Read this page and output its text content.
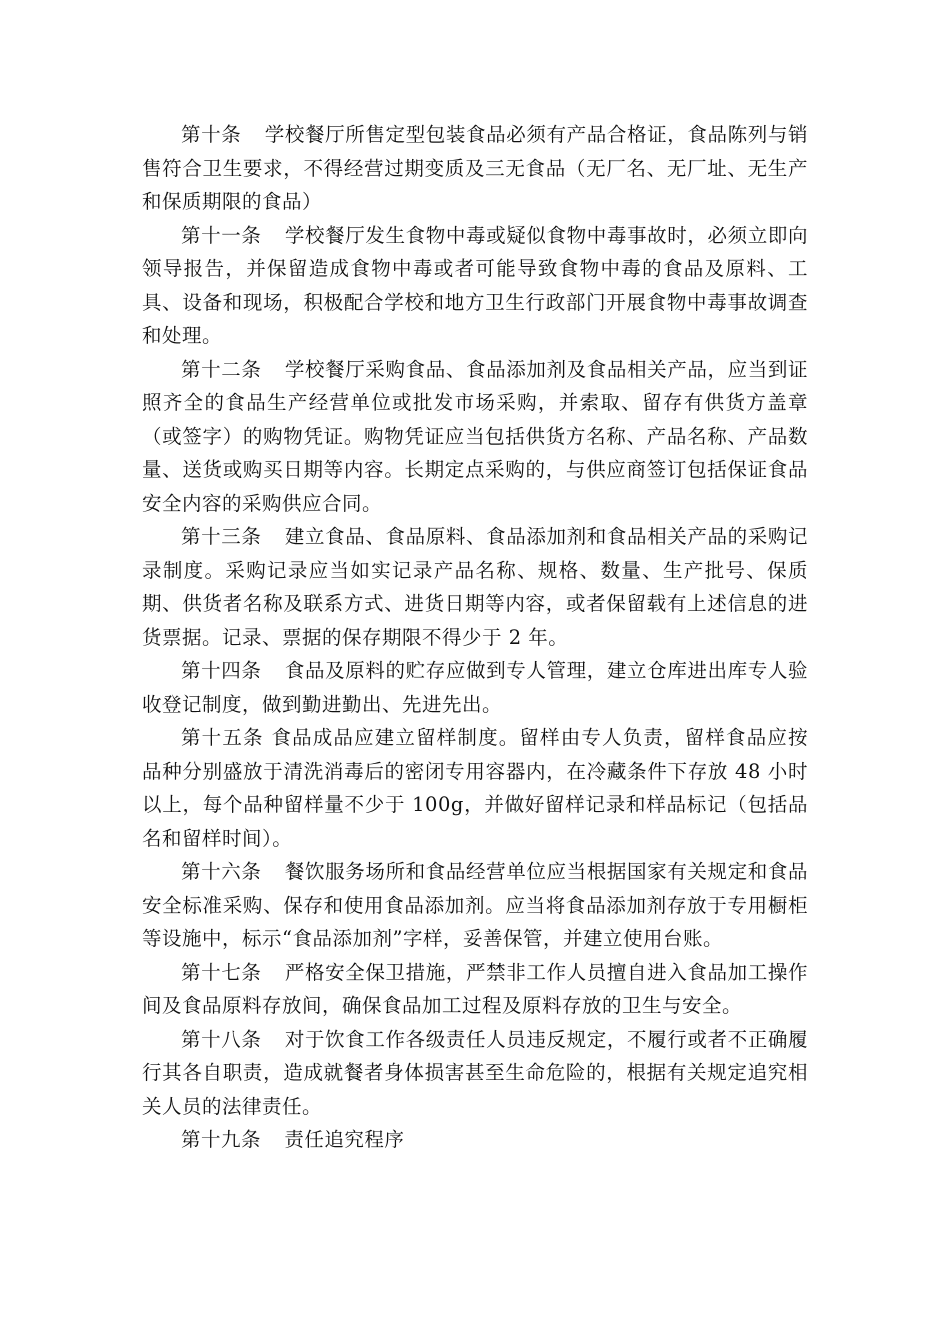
第十条 学校餐厅所售定型包装食品必须有产品合格证，食品陈列与销售符合卫生要求，不得经营过期变质及三无食品（无厂名、无厂址、无生产和保质期限的食品）

第十一条 学校餐厅发生食物中毒或疑似食物中毒事故时，必须立即向领导报告，并保留造成食物中毒或者可能导致食物中毒的食品及原料、工具、设备和现场，积极配合学校和地方卫生行政部门开展食物中毒事故调查和处理。

第十二条 学校餐厅采购食品、食品添加剂及食品相关产品，应当到证照齐全的食品生产经营单位或批发市场采购，并索取、留存有供货方盖章（或签字）的购物凭证。购物凭证应当包括供货方名称、产品名称、产品数量、送货或购买日期等内容。长期定点采购的，与供应商签订包括保证食品安全内容的采购供应合同。

第十三条 建立食品、食品原料、食品添加剂和食品相关产品的采购记录制度。采购记录应当如实记录产品名称、规格、数量、生产批号、保质期、供货者名称及联系方式、进货日期等内容，或者保留载有上述信息的进货票据。记录、票据的保存期限不得少于 2 年。

第十四条 食品及原料的贮存应做到专人管理，建立仓库进出库专人验收登记制度，做到勤进勤出、先进先出。

第十五条 食品成品应建立留样制度。留样由专人负责，留样食品应按品种分别盛放于清洗消毒后的密闭专用容器内，在冷藏条件下存放 48 小时以上，每个品种留样量不少于 100g，并做好留样记录和样品标记（包括品名和留样时间）。

第十六条 餐饮服务场所和食品经营单位应当根据国家有关规定和食品安全标准采购、保存和使用食品添加剂。应当将食品添加剂存放于专用橱柜等设施中，标示“食品添加剂”字样，妥善保管，并建立使用台账。

第十七条 严格安全保卫措施，严禁非工作人员擅自进入食品加工操作间及食品原料存放间，确保食品加工过程及原料存放的卫生与安全。

第十八条 对于饮食工作各级责任人员违反规定，不履行或者不正确履行其各自职责，造成就餐者身体损害甚至生命危险的，根据有关规定追究相关人员的法律责任。

第十九条 责任追究程序
